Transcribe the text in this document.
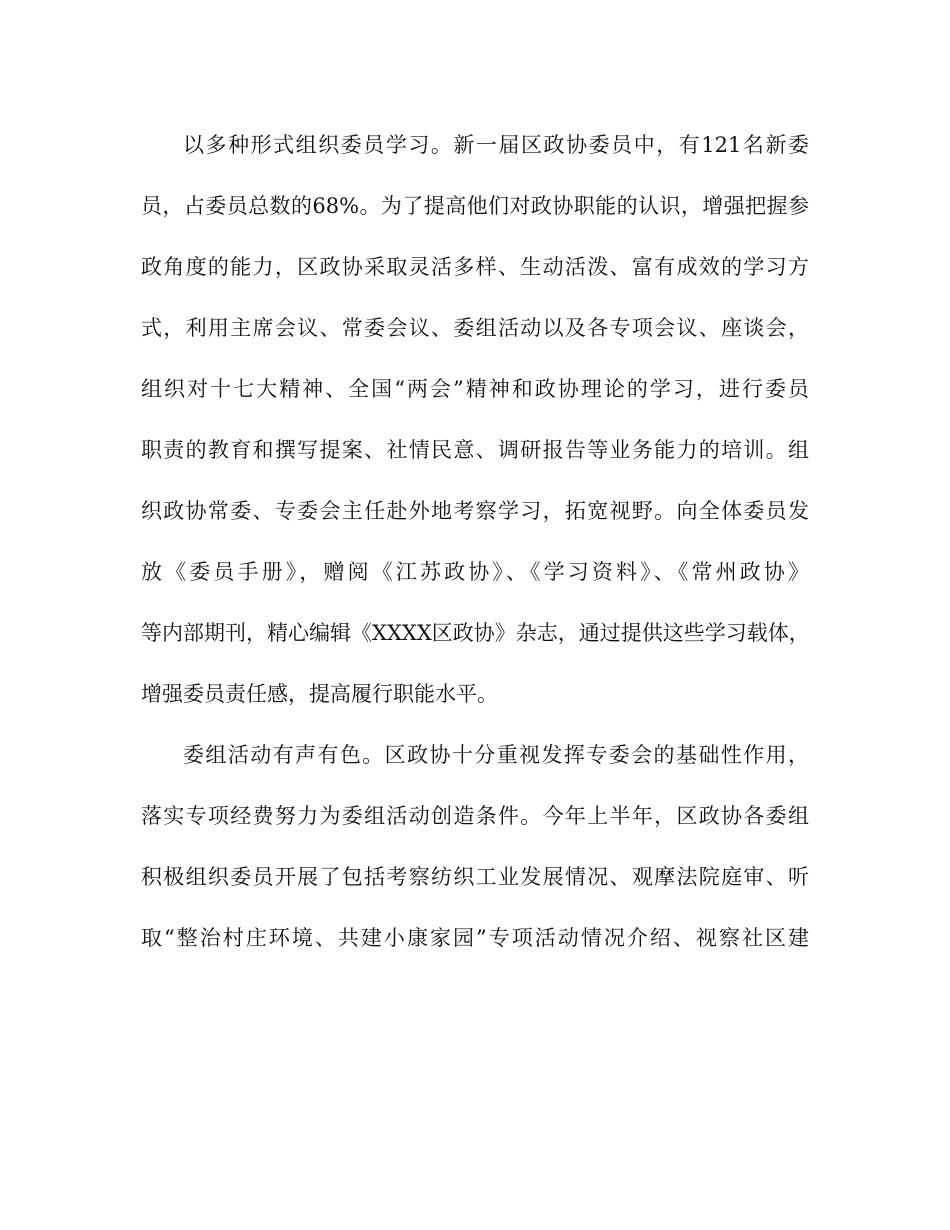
以多种形式组织委员学习。新一届区政协委员中，有121名新委
员，占委员总数的68%。为了提高他们对政协职能的认识，增强把握参
政角度的能力，区政协采取灵活多样、生动活泼、富有成效的学习方
式，利用主席会议、常委会议、委组活动以及各专项会议、座谈会，
组织对十七大精神、全国“两会”精神和政协理论的学习，进行委员
职责的教育和撰写提案、社情民意、调研报告等业务能力的培训。组
织政协常委、专委会主任赴外地考察学习，拓宽视野。向全体委员发
放《委员手册》，赠阅《江苏政协》、《学习资料》、《常州政协》
等内部期刊，精心编辑《XXXX区政协》杂志，通过提供这些学习载体，
增强委员责任感，提高履行职能水平。
委组活动有声有色。区政协十分重视发挥专委会的基础性作用，
落实专项经费努力为委组活动创造条件。今年上半年，区政协各委组
积极组织委员开展了包括考察纺织工业发展情况、观摩法院庭审、听
取“整治村庄环境、共建小康家园”专项活动情况介绍、视察社区建
